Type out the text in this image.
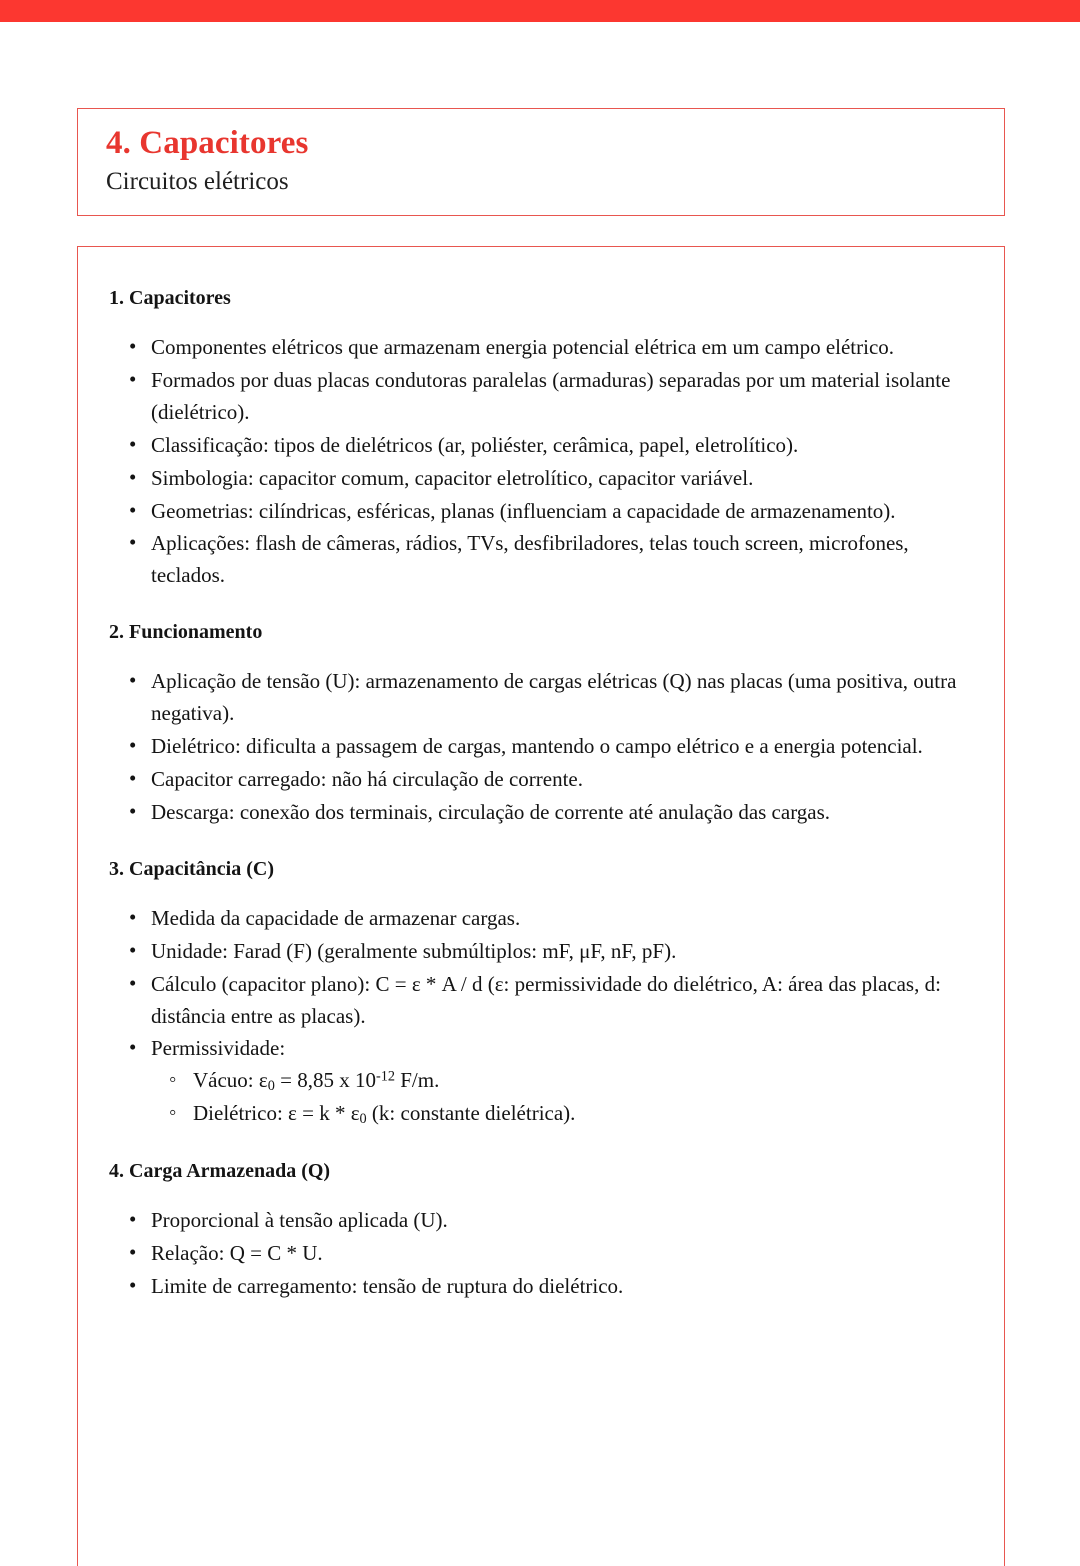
4. Capacitores
Circuitos elétricos
1. Capacitores
• Componentes elétricos que armazenam energia potencial elétrica em um campo elétrico.
• Formados por duas placas condutoras paralelas (armaduras) separadas por um material isolante (dielétrico).
• Classificação: tipos de dielétricos (ar, poliéster, cerâmica, papel, eletrolítico).
• Simbologia: capacitor comum, capacitor eletrolítico, capacitor variável.
• Geometrias: cilíndricas, esféricas, planas (influenciam a capacidade de armazenamento).
• Aplicações: flash de câmeras, rádios, TVs, desfibriladores, telas touch screen, microfones, teclados.
2. Funcionamento
• Aplicação de tensão (U): armazenamento de cargas elétricas (Q) nas placas (uma positiva, outra negativa).
• Dielétrico: dificulta a passagem de cargas, mantendo o campo elétrico e a energia potencial.
• Capacitor carregado: não há circulação de corrente.
• Descarga: conexão dos terminais, circulação de corrente até anulação das cargas.
3. Capacitância (C)
• Medida da capacidade de armazenar cargas.
• Unidade: Farad (F) (geralmente submúltiplos: mF, μF, nF, pF).
• Cálculo (capacitor plano): C = ε * A / d (ε: permissividade do dielétrico, A: área das placas, d: distância entre as placas).
• Permissividade:
◦ Vácuo: $\varepsilon_0 = 8,85$ x $10^{-12}$ F/m.
◦ Dielétrico: $\varepsilon = k * \varepsilon_0$ (k: constante dielétrica).
4. Carga Armazenada (Q)
• Proporcional à tensão aplicada (U).
• Relação: Q = C * U.
• Limite de carregamento: tensão de ruptura do dielétrico.
